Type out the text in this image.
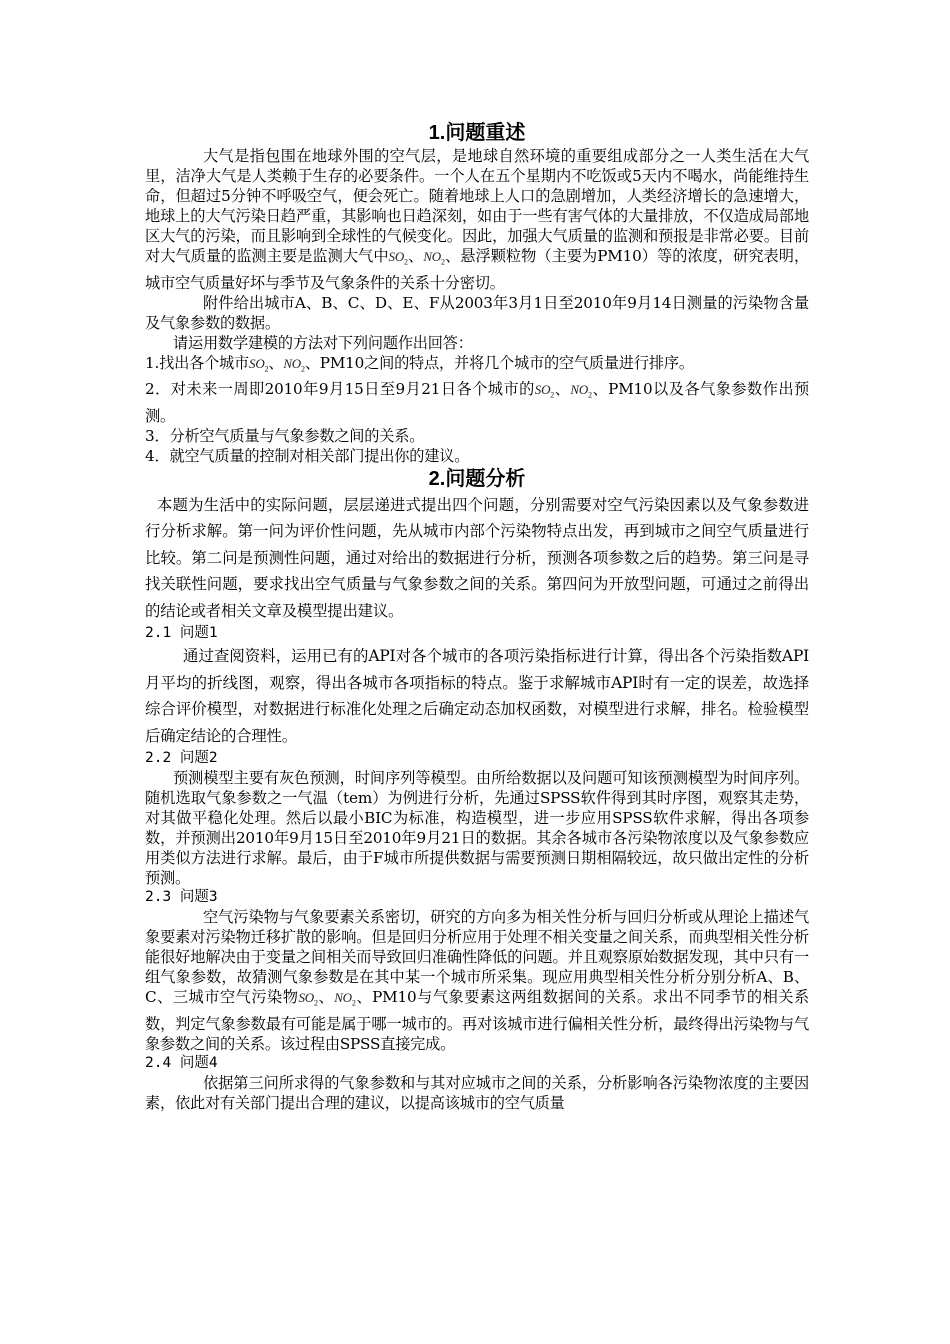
1.问题重述

大气是指包围在地球外围的空气层，是地球自然环境的重要组成部分之一人类生活在大气里，洁净大气是人类赖于生存的必要条件。一个人在五个星期内不吃饭或5天内不喝水，尚能维持生命，但超过5分钟不呼吸空气，便会死亡。随着地球上人口的急剧增加，人类经济增长的急速增大，地球上的大气污染日趋严重，其影响也日趋深刻，如由于一些有害气体的大量排放，不仅造成局部地区大气的污染，而且影响到全球性的气候变化。因此，加强大气质量的监测和预报是非常必要。目前对大气质量的监测主要是监测大气中$SO_2$、$NO_2$、悬浮颗粒物（主要为PM10）等的浓度，研究表明，城市空气质量好坏与季节及气象条件的关系十分密切。

附件给出城市A、B、C、D、E、F从2003年3月1日至2010年9月14日测量的污染物含量及气象参数的数据。

请运用数学建模的方法对下列问题作出回答：

1.找出各个城市$SO_2$、$NO_2$、PM10之间的特点，并将几个城市的空气质量进行排序。

2．对未来一周即2010年9月15日至9月21日各个城市的$SO_2$、$NO_2$、PM10以及各气象参数作出预测。

3．分析空气质量与气象参数之间的关系。

4．就空气质量的控制对相关部门提出你的建议。

2.问题分析

本题为生活中的实际问题，层层递进式提出四个问题，分别需要对空气污染因素以及气象参数进行分析求解。第一问为评价性问题，先从城市内部个污染物特点出发，再到城市之间空气质量进行比较。第二问是预测性问题，通过对给出的数据进行分析，预测各项参数之后的趋势。第三问是寻找关联性问题，要求找出空气质量与气象参数之间的关系。第四问为开放型问题，可通过之前得出的结论或者相关文章及模型提出建议。

2.1 问题1

通过查阅资料，运用已有的API对各个城市的各项污染指标进行计算，得出各个污染指数API月平均的折线图，观察，得出各城市各项指标的特点。鉴于求解城市API时有一定的误差，故选择综合评价模型，对数据进行标准化处理之后确定动态加权函数，对模型进行求解，排名。检验模型后确定结论的合理性。

2.2 问题2

预测模型主要有灰色预测，时间序列等模型。由所给数据以及问题可知该预测模型为时间序列。随机选取气象参数之一气温（tem）为例进行分析，先通过SPSS软件得到其时序图，观察其走势，对其做平稳化处理。然后以最小BIC为标准，构造模型，进一步应用SPSS软件求解，得出各项参数，并预测出2010年9月15日至2010年9月21日的数据。其余各城市各污染物浓度以及气象参数应用类似方法进行求解。最后，由于F城市所提供数据与需要预测日期相隔较远，故只做出定性的分析预测。

2.3 问题3

空气污染物与气象要素关系密切，研究的方向多为相关性分析与回归分析或从理论上描述气象要素对污染物迁移扩散的影响。但是回归分析应用于处理不相关变量之间关系，而典型相关性分析能很好地解决由于变量之间相关而导致回归准确性降低的问题。并且观察原始数据发现，其中只有一组气象参数，故猜测气象参数是在其中某一个城市所采集。现应用典型相关性分析分别分析A、B、C、三城市空气污染物$SO_2$、$NO_2$、PM10与气象要素这两组数据间的关系。求出不同季节的相关系数，判定气象参数最有可能是属于哪一城市的。再对该城市进行偏相关性分析，最终得出污染物与气象参数之间的关系。该过程由SPSS直接完成。

2.4 问题4

依据第三问所求得的气象参数和与其对应城市之间的关系，分析影响各污染物浓度的主要因素，依此对有关部门提出合理的建议，以提高该城市的空气质量
